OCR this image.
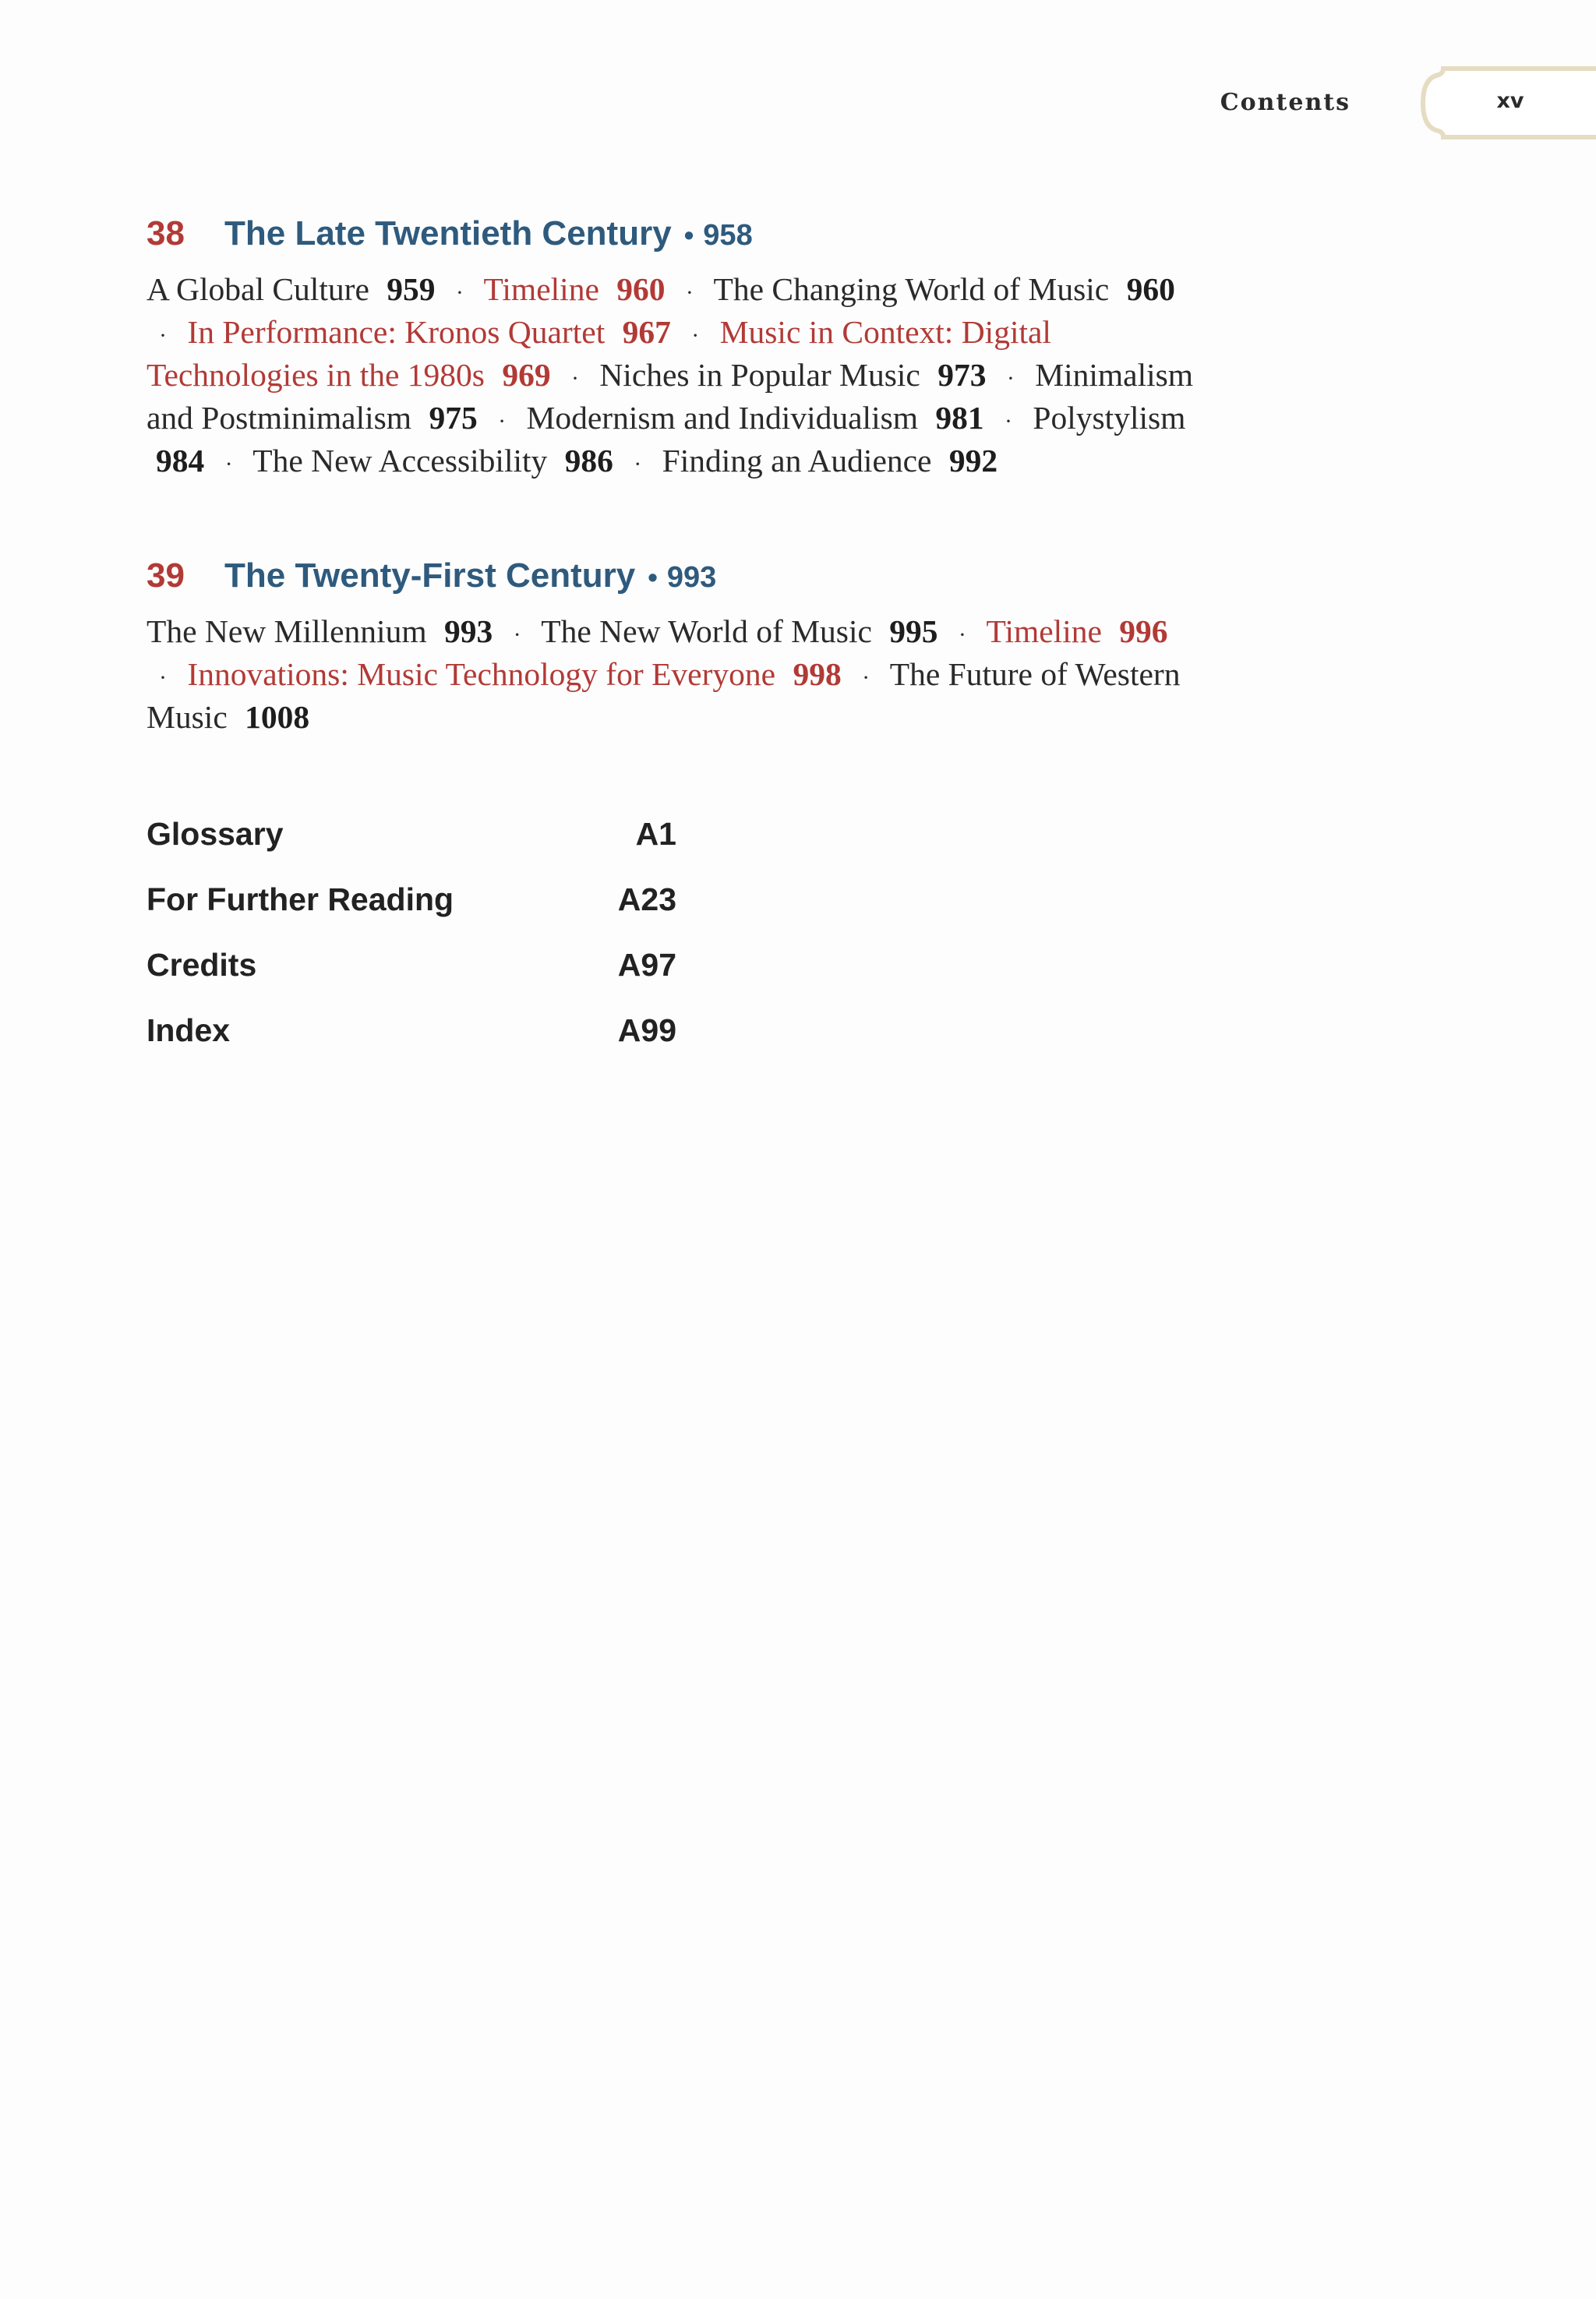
Contents	xv
38 The Late Twentieth Century • 958
A Global Culture 959 · Timeline 960 · The Changing World of Music 960 · In Performance: Kronos Quartet 967 · Music in Context: Digital Technologies in the 1980s 969 · Niches in Popular Music 973 · Minimalism and Postminimalism 975 · Modernism and Individualism 981 · Polystylism 984 · The New Accessibility 986 · Finding an Audience 992
39 The Twenty-First Century • 993
The New Millennium 993 · The New World of Music 995 · Timeline 996 · Innovations: Music Technology for Everyone 998 · The Future of Western Music 1008
Glossary	A1
For Further Reading	A23
Credits	A97
Index	A99
